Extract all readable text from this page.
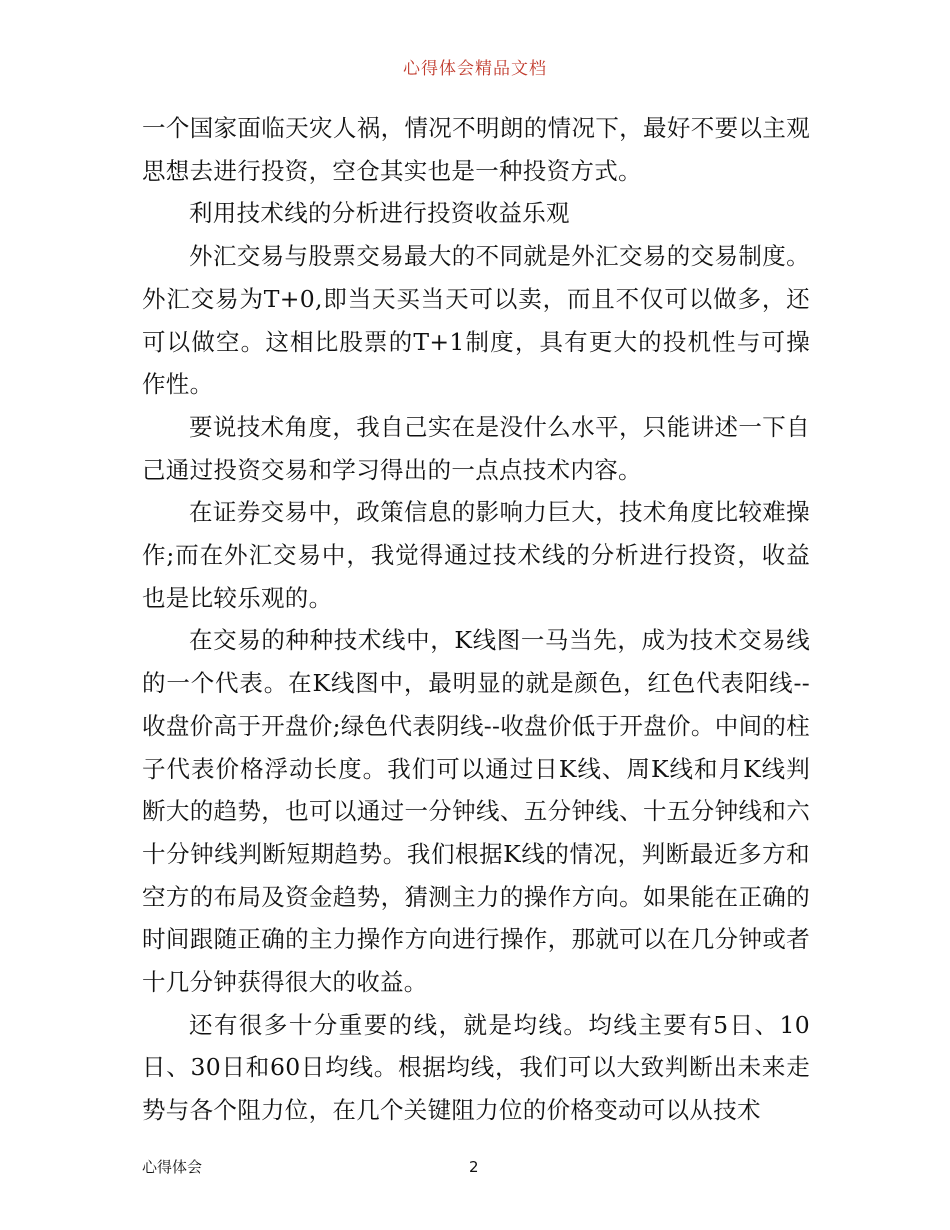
心得体会精品文档

一个国家面临天灾人祸，情况不明朗的情况下，最好不要以主观思想去进行投资，空仓其实也是一种投资方式。

利用技术线的分析进行投资收益乐观

外汇交易与股票交易最大的不同就是外汇交易的交易制度。外汇交易为T+0,即当天买当天可以卖，而且不仅可以做多，还可以做空。这相比股票的T+1制度，具有更大的投机性与可操作性。

要说技术角度，我自己实在是没什么水平，只能讲述一下自己通过投资交易和学习得出的一点点技术内容。

在证券交易中，政策信息的影响力巨大，技术角度比较难操作;而在外汇交易中，我觉得通过技术线的分析进行投资，收益也是比较乐观的。

在交易的种种技术线中，K线图一马当先，成为技术交易线的一个代表。在K线图中，最明显的就是颜色，红色代表阳线--收盘价高于开盘价;绿色代表阴线--收盘价低于开盘价。中间的柱子代表价格浮动长度。我们可以通过日K线、周K线和月K线判断大的趋势，也可以通过一分钟线、五分钟线、十五分钟线和六十分钟线判断短期趋势。我们根据K线的情况，判断最近多方和空方的布局及资金趋势，猜测主力的操作方向。如果能在正确的时间跟随正确的主力操作方向进行操作，那就可以在几分钟或者十几分钟获得很大的收益。

还有很多十分重要的线，就是均线。均线主要有5日、10日、30日和60日均线。根据均线，我们可以大致判断出未来走势与各个阻力位，在几个关键阻力位的价格变动可以从技术

心得体会	2
